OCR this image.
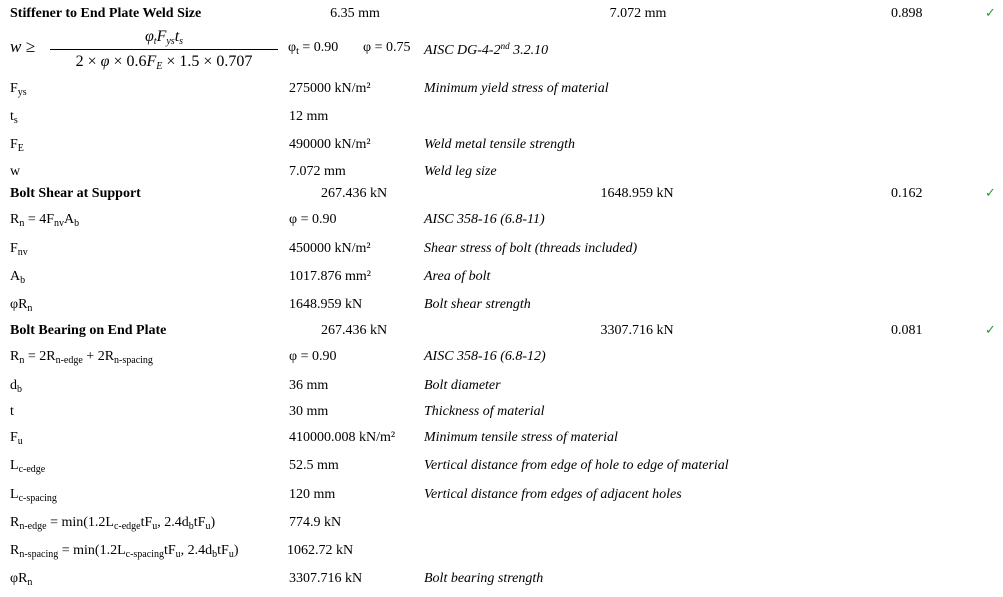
Stiffener to End Plate Weld Size	6.35 mm	7.072 mm	0.898	✓
w ≥
$\varphi_tF_{ys}t_s$
$2 \times \varphi \times 0.6F_E \times 1.5 \times 0.707$
$\varphi_t = 0.90$ φ = 0.75 AISC DG-4-2nd 3.2.10
$F_{ys}$	275000 kN/m²	Minimum yield stress of material
$t_s$	12 mm
$F_E$	490000 kN/m²	Weld metal tensile strength
w	7.072 mm	Weld leg size
Bolt Shear at Support	267.436 kN	1648.959 kN	0.162	✓
$R_n = 4F_{nv}A_b$	φ = 0.90	AISC 358-16 (6.8-11)
$F_{nv}$	450000 kN/m²	Shear stress of bolt (threads included)
$A_b$	1017.876 mm²	Area of bolt
$\varphi R_n$	1648.959 kN	Bolt shear strength
Bolt Bearing on End Plate	267.436 kN	3307.716 kN	0.081	✓
$R_n = 2R_{n-edge} + 2R_{n-spacing}$	φ = 0.90	AISC 358-16 (6.8-12)
$d_b$	36 mm	Bolt diameter
t	30 mm	Thickness of material
$F_u$	410000.008 kN/m² Minimum tensile stress of material
$L_{c-edge}$	52.5 mm	Vertical distance from edge of hole to edge of material
$L_{c-spacing}$	120 mm	Vertical distance from edges of adjacent holes
$R_{n-edge} = \min(1.2L_{c-edge}tF_u$, $2.4d_btF_u$)	774.9 kN
$R_{n-spacing} = \min(1.2L_{c-spacing}tF_u$, $2.4d_btF_u$)	1062.72 kN
$\varphi R_n$	3307.716 kN	Bolt bearing strength
